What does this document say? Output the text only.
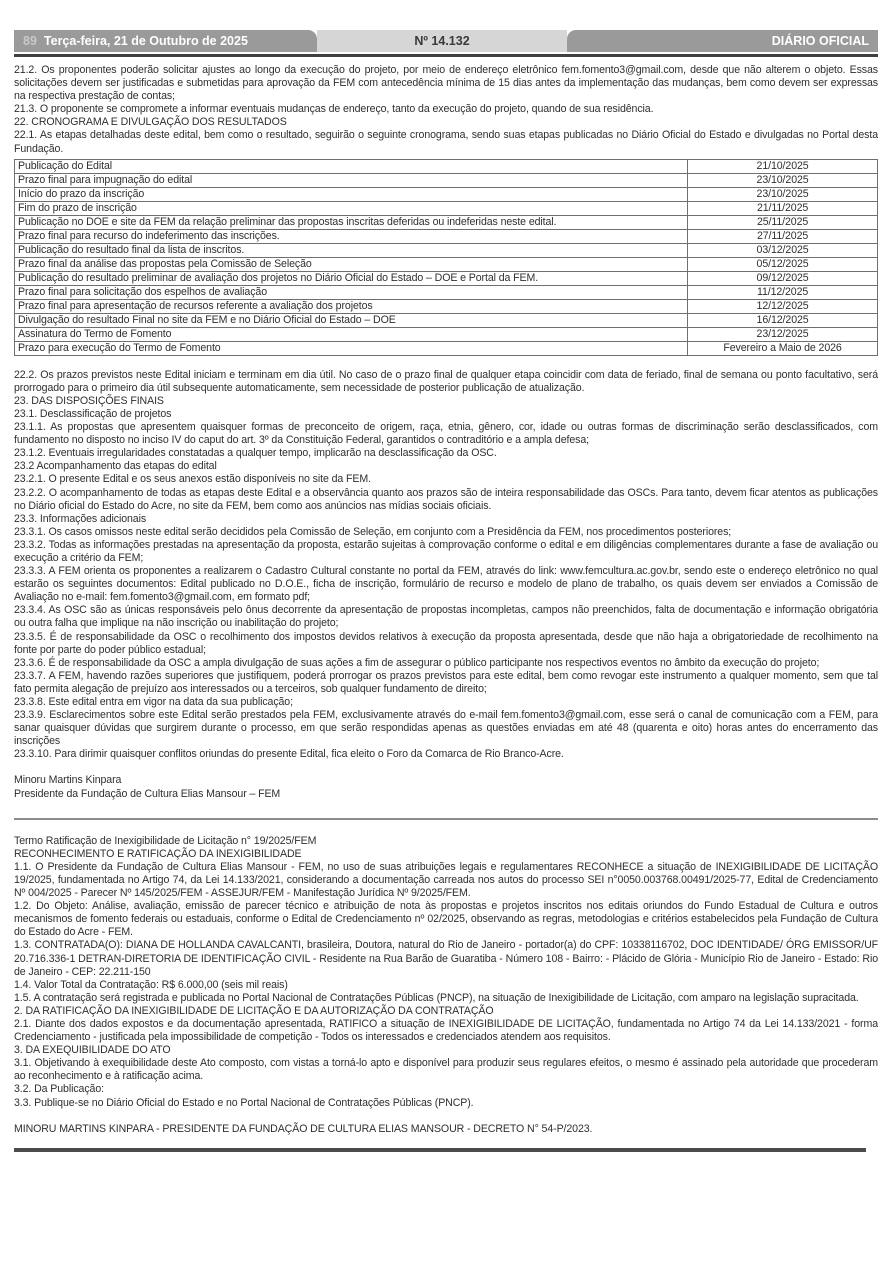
89 Terça-feira, 21 de Outubro de 2025	Nº 14.132	DIÁRIO OFICIAL

21.2. Os proponentes poderão solicitar ajustes ao longo da execução do projeto, por meio de endereço eletrônico fem.fomento3@gmail.com, desde que não alterem o objeto. Essas solicitações devem ser justificadas e submetidas para aprovação da FEM com antecedência mínima de 15 dias antes da implementação das mudanças, bem como devem ser expressas na respectiva prestação de contas;

21.3. O proponente se compromete a informar eventuais mudanças de endereço, tanto da execução do projeto, quando de sua residência.

22. CRONOGRAMA E DIVULGAÇÃO DOS RESULTADOS

22.1. As etapas detalhadas deste edital, bem como o resultado, seguirão o seguinte cronograma, sendo suas etapas publicadas no Diário Oficial do Estado e divulgadas no Portal desta Fundação.

Publicação do Edital	21/10/2025
Prazo final para impugnação do edital	23/10/2025
Início do prazo da inscrição	23/10/2025
Fim do prazo de inscrição	21/11/2025
Publicação no DOE e site da FEM da relação preliminar das propostas inscritas deferidas ou indeferidas neste edital.	25/11/2025
Prazo final para recurso do indeferimento das inscrições.	27/11/2025
Publicação do resultado final da lista de inscritos.	03/12/2025
Prazo final da análise das propostas pela Comissão de Seleção	05/12/2025
Publicação do resultado preliminar de avaliação dos projetos no Diário Oficial do Estado – DOE e Portal da FEM.	09/12/2025
Prazo final para solicitação dos espelhos de avaliação	11/12/2025
Prazo final para apresentação de recursos referente a avaliação dos projetos	12/12/2025
Divulgação do resultado Final no site da FEM e no Diário Oficial do Estado – DOE	16/12/2025
Assinatura do Termo de Fomento	23/12/2025
Prazo para execução do Termo de Fomento	Fevereiro a Maio de 2026

22.2. Os prazos previstos neste Edital iniciam e terminam em dia útil. No caso de o prazo final de qualquer etapa coincidir com data de feriado, final de semana ou ponto facultativo, será prorrogado para o primeiro dia útil subsequente automaticamente, sem necessidade de posterior publicação de atualização.

23. DAS DISPOSIÇÕES FINAIS

23.1. Desclassificação de projetos

23.1.1. As propostas que apresentem quaisquer formas de preconceito de origem, raça, etnia, gênero, cor, idade ou outras formas de discriminação serão desclassificados, com fundamento no disposto no inciso IV do caput do art. 3º da Constituição Federal, garantidos o contraditório e a ampla defesa;

23.1.2. Eventuais irregularidades constatadas a qualquer tempo, implicarão na desclassificação da OSC.

23.2 Acompanhamento das etapas do edital

23.2.1. O presente Edital e os seus anexos estão disponíveis no site da FEM.

23.2.2. O acompanhamento de todas as etapas deste Edital e a observância quanto aos prazos são de inteira responsabilidade das OSCs. Para tanto, devem ficar atentos as publicações no Diário oficial do Estado do Acre, no site da FEM, bem como aos anúncios nas mídias sociais oficiais.

23.3. Informações adicionais

23.3.1. Os casos omissos neste edital serão decididos pela Comissão de Seleção, em conjunto com a Presidência da FEM, nos procedimentos posteriores;

23.3.2. Todas as informações prestadas na apresentação da proposta, estarão sujeitas à comprovação conforme o edital e em diligências complementares durante a fase de avaliação ou execução a critério da FEM;

23.3.3. A FEM orienta os proponentes a realizarem o Cadastro Cultural constante no portal da FEM, através do link: www.femcultura.ac.gov.br, sendo este o endereço eletrônico no qual estarão os seguintes documentos: Edital publicado no D.O.E., ficha de inscrição, formulário de recurso e modelo de plano de trabalho, os quais devem ser enviados a Comissão de Avaliação no e-mail: fem.fomento3@gmail.com, em formato pdf;

23.3.4. As OSC são as únicas responsáveis pelo ônus decorrente da apresentação de propostas incompletas, campos não preenchidos, falta de documentação e informação obrigatória ou outra falha que implique na não inscrição ou inabilitação do projeto;

23.3.5. É de responsabilidade da OSC o recolhimento dos impostos devidos relativos à execução da proposta apresentada, desde que não haja a obrigatoriedade de recolhimento na fonte por parte do poder público estadual;

23.3.6. É de responsabilidade da OSC a ampla divulgação de suas ações a fim de assegurar o público participante nos respectivos eventos no âmbito da execução do projeto;

23.3.7. A FEM, havendo razões superiores que justifiquem, poderá prorrogar os prazos previstos para este edital, bem como revogar este instrumento a qualquer momento, sem que tal fato permita alegação de prejuízo aos interessados ou a terceiros, sob qualquer fundamento de direito;

23.3.8. Este edital entra em vigor na data da sua publicação;

23.3.9. Esclarecimentos sobre este Edital serão prestados pela FEM, exclusivamente através do e-mail fem.fomento3@gmail.com, esse será o canal de comunicação com a FEM, para sanar quaisquer dúvidas que surgirem durante o processo, em que serão respondidas apenas as questões enviadas em até 48 (quarenta e oito) horas antes do encerramento das inscrições

23.3.10. Para dirimir quaisquer conflitos oriundas do presente Edital, fica eleito o Foro da Comarca de Rio Branco-Acre.

Minoru Martins Kinpara

Presidente da Fundação de Cultura Elias Mansour – FEM

Termo Ratificação de Inexigibilidade de Licitação n° 19/2025/FEM

RECONHECIMENTO E RATIFICAÇÃO DA INEXIGIBILIDADE

1.1. O Presidente da Fundação de Cultura Elias Mansour - FEM, no uso de suas atribuições legais e regulamentares RECONHECE a situação de INEXIGIBILIDADE DE LICITAÇÃO 19/2025, fundamentada no Artigo 74, da Lei 14.133/2021, considerando a documentação carreada nos autos do processo SEI n°0050.003768.00491/2025-77, Edital de Credenciamento Nº 004/2025 - Parecer Nº 145/2025/FEM - ASSEJUR/FEM - Manifestação Jurídica Nº 9/2025/FEM.

1.2. Do Objeto: Análise, avaliação, emissão de parecer técnico e atribuição de nota às propostas e projetos inscritos nos editais oriundos do Fundo Estadual de Cultura e outros mecanismos de fomento federais ou estaduais, conforme o Edital de Credenciamento nº 02/2025, observando as regras, metodologias e critérios estabelecidos pela Fundação de Cultura do Estado do Acre - FEM.

1.3. CONTRATADA(O): DIANA DE HOLLANDA CAVALCANTI, brasileira, Doutora, natural do Rio de Janeiro - portador(a) do CPF: 10338116702, DOC IDENTIDADE/ ÓRG EMISSOR/UF 20.716.336-1 DETRAN-DIRETORIA DE IDENTIFICAÇÃO CIVIL - Residente na Rua Barão de Guaratiba - Número 108 - Bairro: - Plácido de Glória - Município Rio de Janeiro - Estado: Rio de Janeiro - CEP: 22.211-150

1.4. Valor Total da Contratação: R$ 6.000,00 (seis mil reais)

1.5. A contratação será registrada e publicada no Portal Nacional de Contratações Públicas (PNCP), na situação de Inexigibilidade de Licitação, com amparo na legislação supracitada.

2. DA RATIFICAÇÃO DA INEXIGIBILIDADE DE LICITAÇÃO E DA AUTORIZAÇÃO DA CONTRATAÇÃO

2.1. Diante dos dados expostos e da documentação apresentada, RATIFICO a situação de INEXIGIBILIDADE DE LICITAÇÃO, fundamentada no Artigo 74 da Lei 14.133/2021 - forma Credenciamento - justificada pela impossibilidade de competição - Todos os interessados e credenciados atendem aos requisitos.

3. DA EXEQUIBILIDADE DO ATO

3.1. Objetivando à exequibilidade deste Ato composto, com vistas a torná-lo apto e disponível para produzir seus regulares efeitos, o mesmo é assinado pela autoridade que procederam ao reconhecimento e à ratificação acima.

3.2. Da Publicação:

3.3. Publique-se no Diário Oficial do Estado e no Portal Nacional de Contratações Públicas (PNCP).

MINORU MARTINS KINPARA - PRESIDENTE DA FUNDAÇÃO DE CULTURA ELIAS MANSOUR - DECRETO N° 54-P/2023.
